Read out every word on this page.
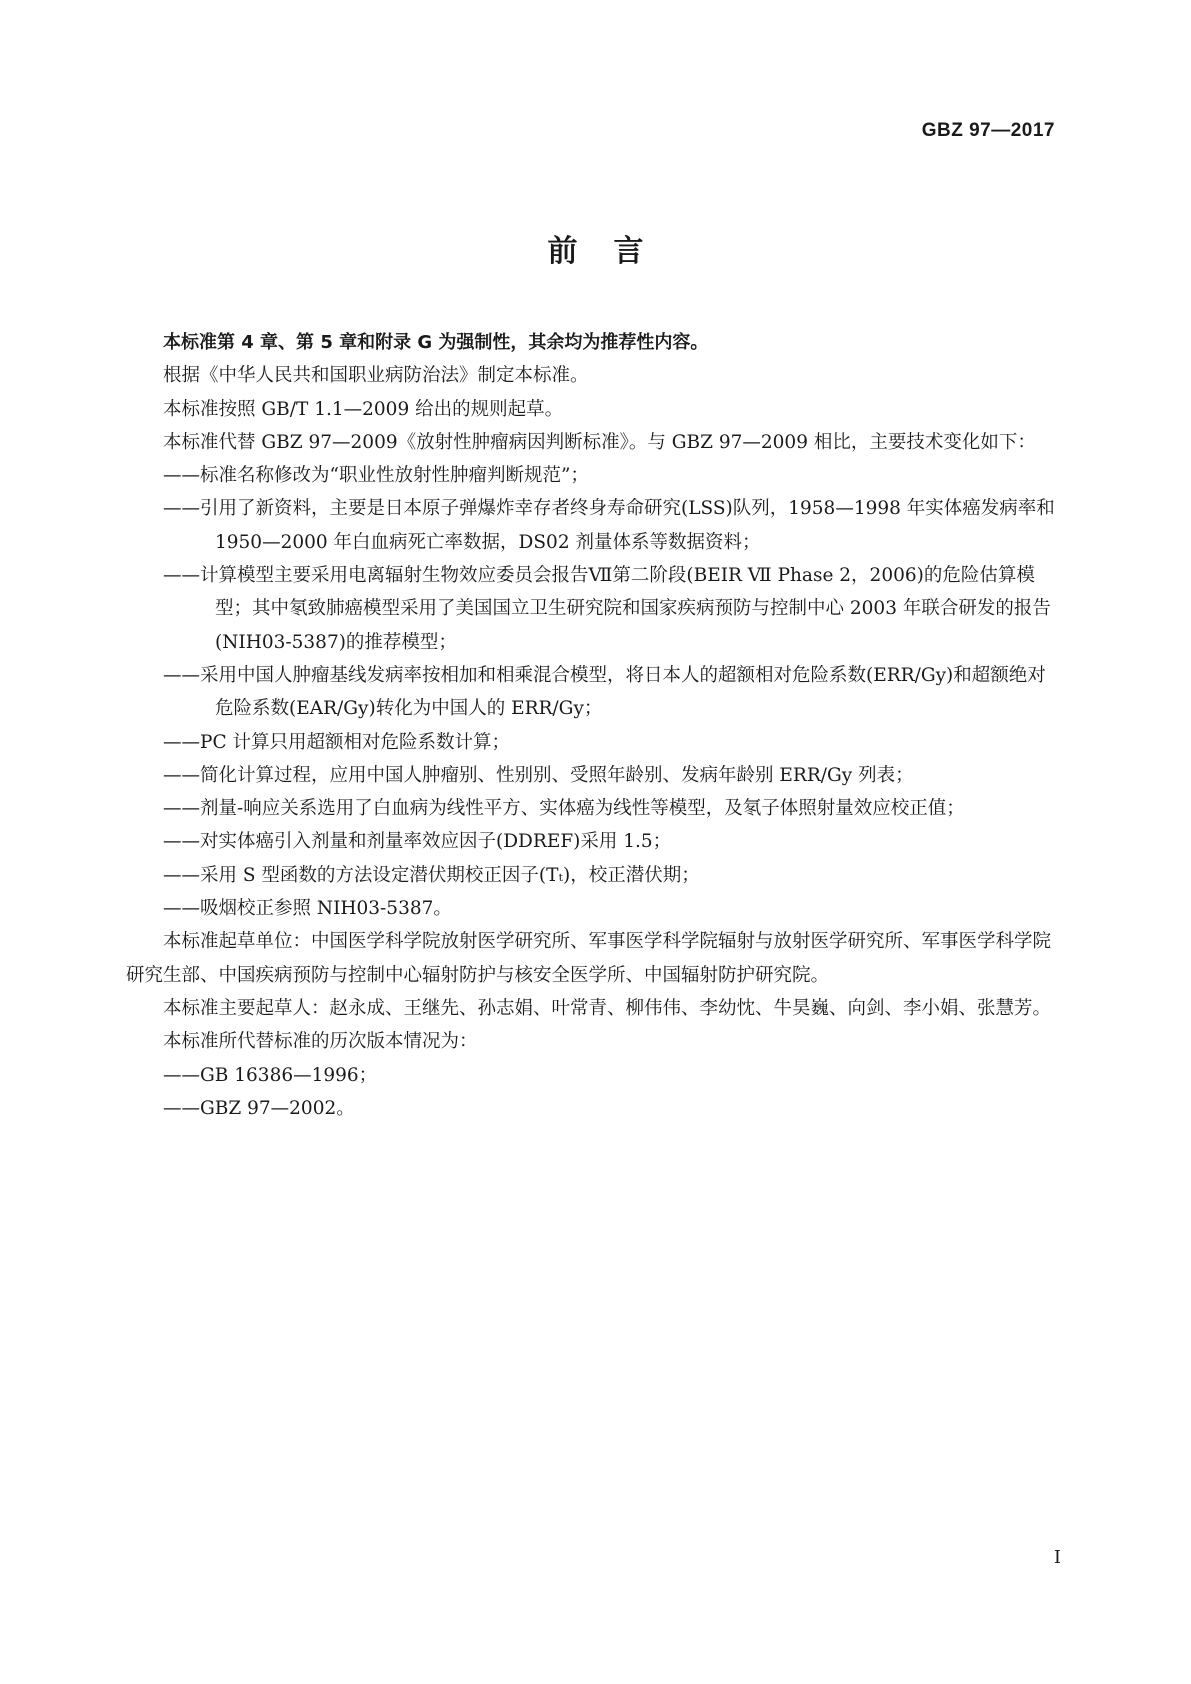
GBZ 97—2017
前言

本标准第 4 章、第 5 章和附录 G 为强制性，其余均为推荐性内容。

根据《中华人民共和国职业病防治法》制定本标准。

本标准按照 GB/T 1.1—2009 给出的规则起草。

本标准代替 GBZ 97—2009《放射性肿瘤病因判断标准》。与 GBZ 97—2009 相比，主要技术变化如下：

——标准名称修改为“职业性放射性肿瘤判断规范”；

——引用了新资料，主要是日本原子弹爆炸幸存者终身寿命研究(LSS)队列，1958—1998 年实体癌发病率和 1950—2000 年白血病死亡率数据，DS02 剂量体系等数据资料；

——计算模型主要采用电离辐射生物效应委员会报告Ⅶ第二阶段(BEIR Ⅶ Phase 2，2006)的危险估算模型；其中氡致肺癌模型采用了美国国立卫生研究院和国家疾病预防与控制中心 2003 年联合研发的报告(NIH03-5387)的推荐模型；

——采用中国人肿瘤基线发病率按相加和相乘混合模型，将日本人的超额相对危险系数(ERR/Gy)和超额绝对危险系数(EAR/Gy)转化为中国人的 ERR/Gy；

——PC 计算只用超额相对危险系数计算；

——简化计算过程，应用中国人肿瘤别、性别别、受照年龄别、发病年龄别 ERR/Gy 列表；

——剂量-响应关系选用了白血病为线性平方、实体癌为线性等模型，及氡子体照射量效应校正值；

——对实体癌引入剂量和剂量率效应因子(DDREF)采用 1.5；

——采用 S 型函数的方法设定潜伏期校正因子(Tₜ)，校正潜伏期；

——吸烟校正参照 NIH03-5387。

本标准起草单位：中国医学科学院放射医学研究所、军事医学科学院辐射与放射医学研究所、军事医学科学院研究生部、中国疾病预防与控制中心辐射防护与核安全医学所、中国辐射防护研究院。

本标准主要起草人：赵永成、王继先、孙志娟、叶常青、柳伟伟、李幼忱、牛昊巍、向剑、李小娟、张慧芳。

本标准所代替标准的历次版本情况为：

——GB 16386—1996；

——GBZ 97—2002。

I
